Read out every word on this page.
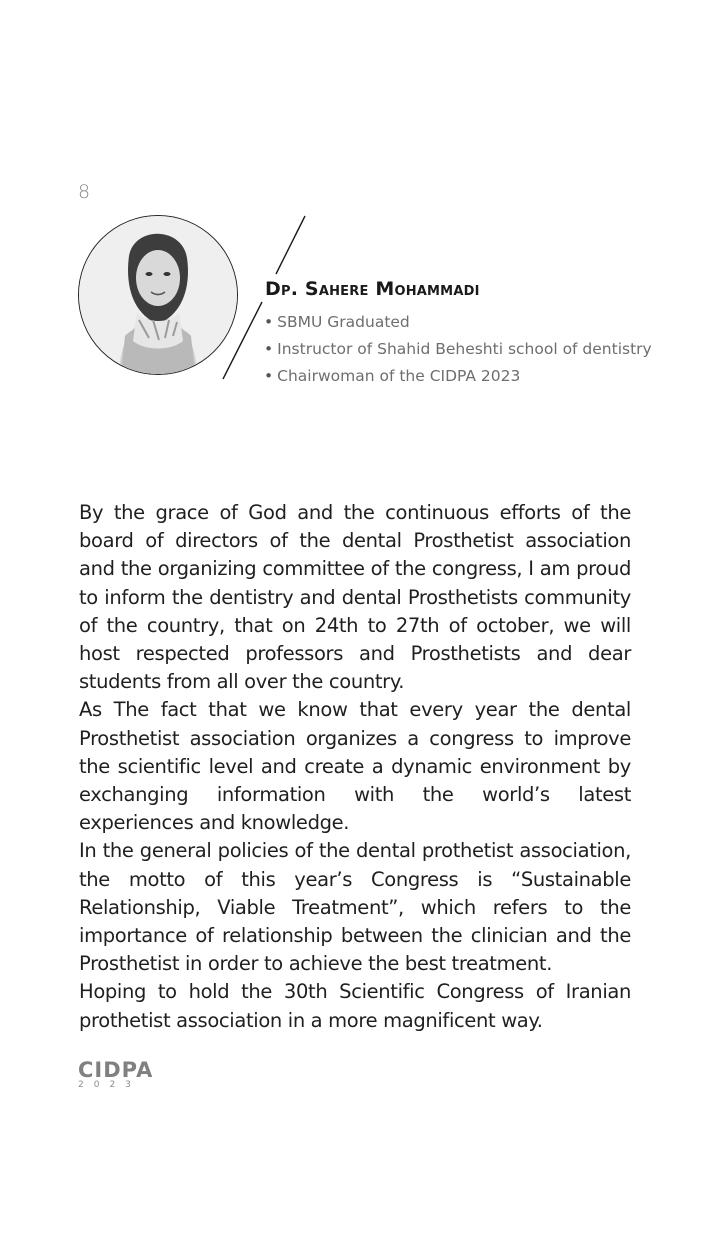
8
Dp. Sahere Mohammadi
• SBMU Graduated
• Instructor of Shahid Beheshti school of dentistry
• Chairwoman of the CIDPA 2023

By the grace of God and the continuous efforts of the board of directors of the dental Prosthetist association and the organizing committee of the congress, I am proud to inform the dentistry and dental Prosthetists community of the country, that on 24th to 27th of october, we will host respected professors and Prosthetists and dear students from all over the country.

As The fact that we know that every year the dental Prosthetist association organizes a congress to improve the scientific level and create a dynamic environment by exchanging information with the world’s latest experiences and knowledge.

In the general policies of the dental prothetist association, the motto of this year’s Congress is “Sustainable Relationship, Viable Treatment”, which refers to the importance of relationship between the clinician and the Prosthetist in order to achieve the best treatment.

Hoping to hold the 30th Scientific Congress of Iranian prothetist association in a more magnificent way.

CIDPA
2023
